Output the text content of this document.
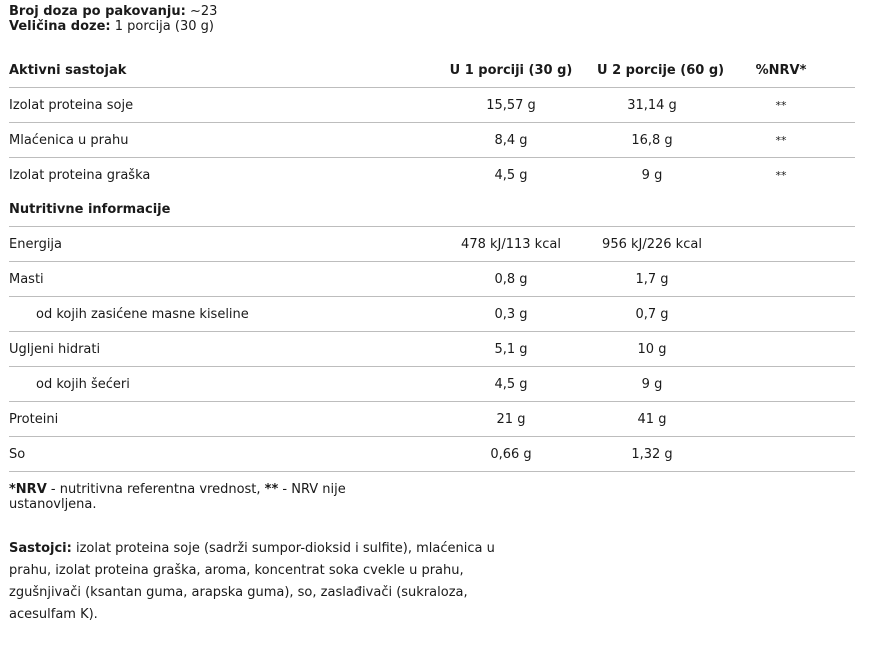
Broj doza po pakovanju: ~23
Veličina doze: 1 porcija (30 g)
Aktivni sastojak	U 1 porciji (30 g)	U 2 porcije (60 g)	%NRV*
Izolat proteina soje	15,57 g	31,14 g	**
Mlaćenica u prahu	8,4 g	16,8 g	**
Izolat proteina graška	4,5 g	9 g	**
Nutritivne informacije			
Energija	478 kJ/113 kcal	956 kJ/226 kcal	
Masti	0,8 g	1,7 g	
od kojih zasićene masne kiseline	0,3 g	0,7 g	
Ugljeni hidrati	5,1 g	10 g	
od kojih šećeri	4,5 g	9 g	
Proteini	21 g	41 g	
So	0,66 g	1,32 g	
*NRV - nutritivna referentna vrednost, ** - NRV nije ustanovljena.
Sastojci: izolat proteina soje (sadrži sumpor-dioksid i sulfite), mlaćenica u prahu, izolat proteina graška, aroma, koncentrat soka cvekle u prahu, zgušnjivači (ksantan guma, arapska guma), so, zaslađivači (sukraloza, acesulfam K).
